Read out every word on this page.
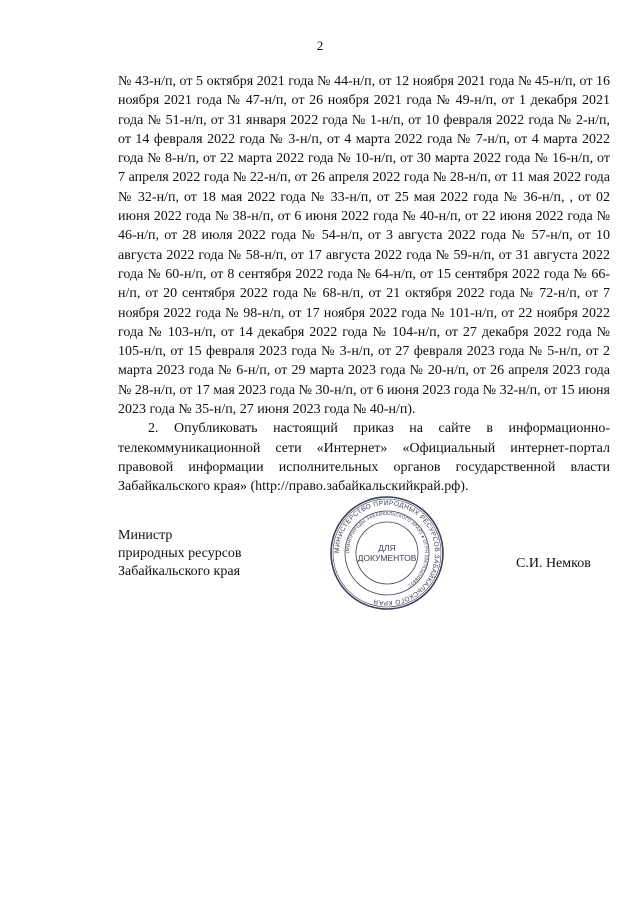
2

№ 43-н/п, от 5 октября 2021 года № 44-н/п, от 12 ноября 2021 года № 45-н/п, от 16 ноября 2021 года № 47-н/п, от 26 ноября 2021 года № 49-н/п, от 1 декабря 2021 года № 51-н/п, от 31 января 2022 года № 1-н/п, от 10 февраля 2022 года № 2-н/п, от 14 февраля 2022 года № 3-н/п, от 4 марта 2022 года № 7-н/п, от 4 марта 2022 года № 8-н/п, от 22 марта 2022 года № 10-н/п, от 30 марта 2022 года № 16-н/п, от 7 апреля 2022 года № 22-н/п, от 26 апреля 2022 года № 28-н/п, от 11 мая 2022 года № 32-н/п, от 18 мая 2022 года № 33-н/п, от 25 мая 2022 года № 36-н/п, , от 02 июня 2022 года № 38-н/п, от 6 июня 2022 года № 40-н/п, от 22 июня 2022 года № 46-н/п, от 28 июля 2022 года № 54-н/п, от 3 августа 2022 года № 57-н/п, от 10 августа 2022 года № 58-н/п, от 17 августа 2022 года № 59-н/п, от 31 августа 2022 года № 60-н/п, от 8 сентября 2022 года № 64-н/п, от 15 сентября 2022 года № 66-н/п, от 20 сентября 2022 года № 68-н/п, от 21 октября 2022 года № 72-н/п, от 7 ноября 2022 года № 98-н/п, от 17 ноября 2022 года № 101-н/п, от 22 ноября 2022 года № 103-н/п, от 14 декабря 2022 года № 104-н/п, от 27 декабря 2022 года № 105-н/п, от 15 февраля 2023 года № 3-н/п, от 27 февраля 2023 года № 5-н/п, от 2 марта 2023 года № 6-н/п, от 29 марта 2023 года № 20-н/п, от 26 апреля 2023 года № 28-н/п, от 17 мая 2023 года № 30-н/п, от 6 июня 2023 года № 32-н/п, от 15 июня 2023 года № 35-н/п, 27 июня 2023 года № 40-н/п).

2. Опубликовать настоящий приказ на сайте в информационно-телекоммуникационной сети «Интернет» «Официальный интернет-портал правовой информации исполнительных органов государственной власти Забайкальского края» (http://право.забайкальскийкрай.рф).

Министр
природных ресурсов
Забайкальского края
МИНИСТЕРСТВО ПРИРОДНЫХ РЕСУРСОВ ЗАБАЙКАЛЬСКОГО КРАЯ
(МИНПРИРОДЫ ЗАБАЙКАЛЬСКОГО КРАЯ) ● ОГРН 1087536008801
ДЛЯ
ДОКУМЕНТОВ	С.И. Немков
